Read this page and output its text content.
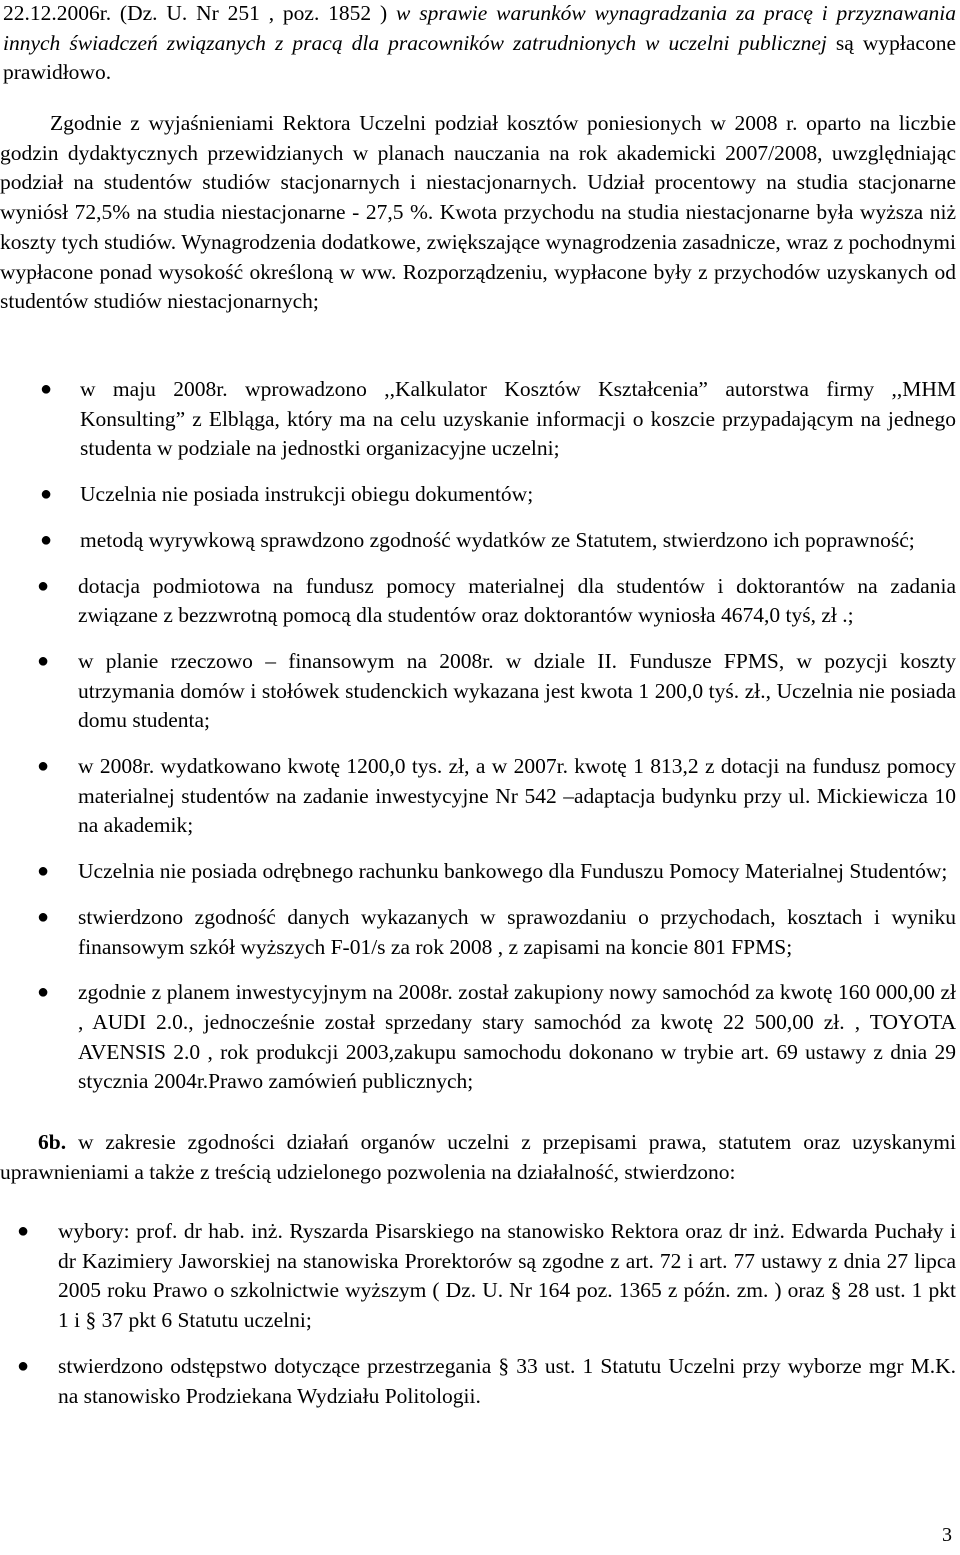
22.12.2006r. (Dz. U. Nr 251 , poz. 1852 ) w sprawie warunków wynagradzania za pracę i przyznawania innych świadczeń związanych z pracą dla pracowników zatrudnionych w uczelni publicznej są wypłacone prawidłowo.

Zgodnie z wyjaśnieniami Rektora Uczelni podział kosztów poniesionych w 2008 r. oparto na liczbie godzin dydaktycznych przewidzianych w planach nauczania na rok akademicki 2007/2008, uwzględniając podział na studentów studiów stacjonarnych i niestacjonarnych. Udział procentowy na studia stacjonarne wyniósł 72,5% na studia niestacjonarne - 27,5 %. Kwota przychodu na studia niestacjonarne była wyższa niż koszty tych studiów. Wynagrodzenia dodatkowe, zwiększające wynagrodzenia zasadnicze, wraz z pochodnymi wypłacone ponad wysokość określoną w ww. Rozporządzeniu, wypłacone były z przychodów uzyskanych od studentów studiów niestacjonarnych;

● w maju 2008r. wprowadzono ,,Kalkulator Kosztów Kształcenia” autorstwa firmy ,,MHM Konsulting” z Elbląga, który ma na celu uzyskanie informacji o koszcie przypadającym na jednego studenta w podziale na jednostki organizacyjne uczelni;
● Uczelnia nie posiada instrukcji obiegu dokumentów;
● metodą wyrywkową sprawdzono zgodność wydatków ze Statutem, stwierdzono ich poprawność;
● dotacja podmiotowa na fundusz pomocy materialnej dla studentów i doktorantów na zadania związane z bezzwrotną pomocą dla studentów oraz doktorantów wyniosła 4674,0 tyś, zł .;
● w planie rzeczowo – finansowym na 2008r. w dziale II. Fundusze FPMS, w pozycji koszty utrzymania domów i stołówek studenckich wykazana jest kwota 1 200,0 tyś. zł., Uczelnia nie posiada domu studenta;
● w 2008r. wydatkowano kwotę 1200,0 tys. zł, a w 2007r. kwotę 1 813,2 z dotacji na fundusz pomocy materialnej studentów na zadanie inwestycyjne Nr 542 –adaptacja budynku przy ul. Mickiewicza 10 na akademik;
● Uczelnia nie posiada odrębnego rachunku bankowego dla Funduszu Pomocy Materialnej Studentów;
● stwierdzono zgodność danych wykazanych w sprawozdaniu o przychodach, kosztach i wyniku finansowym szkół wyższych F-01/s za rok 2008 , z zapisami na koncie 801 FPMS;
● zgodnie z planem inwestycyjnym na 2008r. został zakupiony nowy samochód za kwotę 160 000,00 zł , AUDI 2.0., jednocześnie został sprzedany stary samochód za kwotę 22 500,00 zł. , TOYOTA AVENSIS 2.0 , rok produkcji 2003,zakupu samochodu dokonano w trybie art. 69 ustawy z dnia 29 stycznia 2004r.Prawo zamówień publicznych;

6b. w zakresie zgodności działań organów uczelni z przepisami prawa, statutem oraz uzyskanymi uprawnieniami a także z treścią udzielonego pozwolenia na działalność, stwierdzono:

● wybory: prof. dr hab. inż. Ryszarda Pisarskiego na stanowisko Rektora oraz dr inż. Edwarda Puchały i dr Kazimiery Jaworskiej na stanowiska Prorektorów są zgodne z art. 72 i art. 77 ustawy z dnia 27 lipca 2005 roku Prawo o szkolnictwie wyższym ( Dz. U. Nr 164 poz. 1365 z późn. zm. ) oraz § 28 ust. 1 pkt 1 i § 37 pkt 6 Statutu uczelni;
● stwierdzono odstępstwo dotyczące przestrzegania § 33 ust. 1 Statutu Uczelni przy wyborze mgr M.K. na stanowisko Prodziekana Wydziału Politologii.
3
